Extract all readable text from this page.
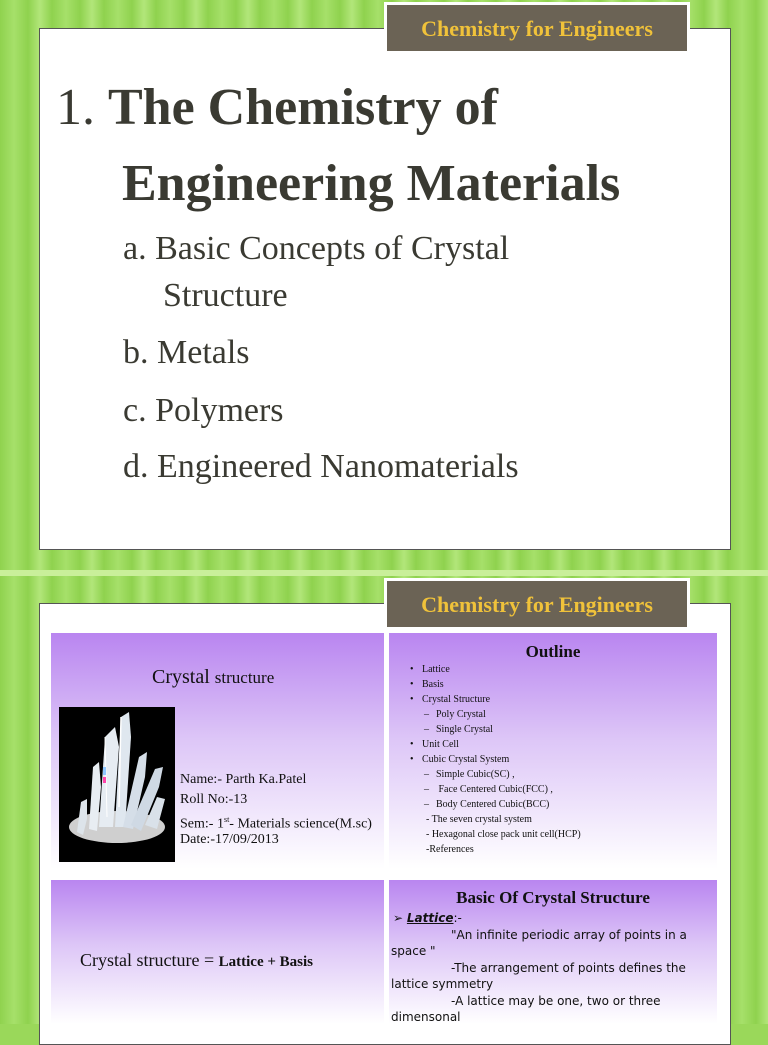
Chemistry for Engineers
1. The Chemistry of
Engineering Materials
a. Basic Concepts of Crystal
Structure
b. Metals
c. Polymers
d. Engineered Nanomaterials
Chemistry for Engineers
Crystal structure
Name:- Parth Ka.Patel
Roll No:-13
Sem:- 1st- Materials science(M.sc)
Date:-17/09/2013
Outline
• Lattice
• Basis
• Crystal Structure
– Poly Crystal
– Single Crystal
• Unit Cell
• Cubic Crystal System
– Simple Cubic(SC) ,
– Face Centered Cubic(FCC) ,
– Body Centered Cubic(BCC)
- The seven crystal system
- Hexagonal close pack unit cell(HCP)
-References
Crystal structure = Lattice + Basis
Basic Of Crystal Structure
➢ Lattice:-
"An infinite periodic array of points in a space "
-The arrangement of points defines the lattice symmetry
-A lattice may be one, two or three dimensonal
